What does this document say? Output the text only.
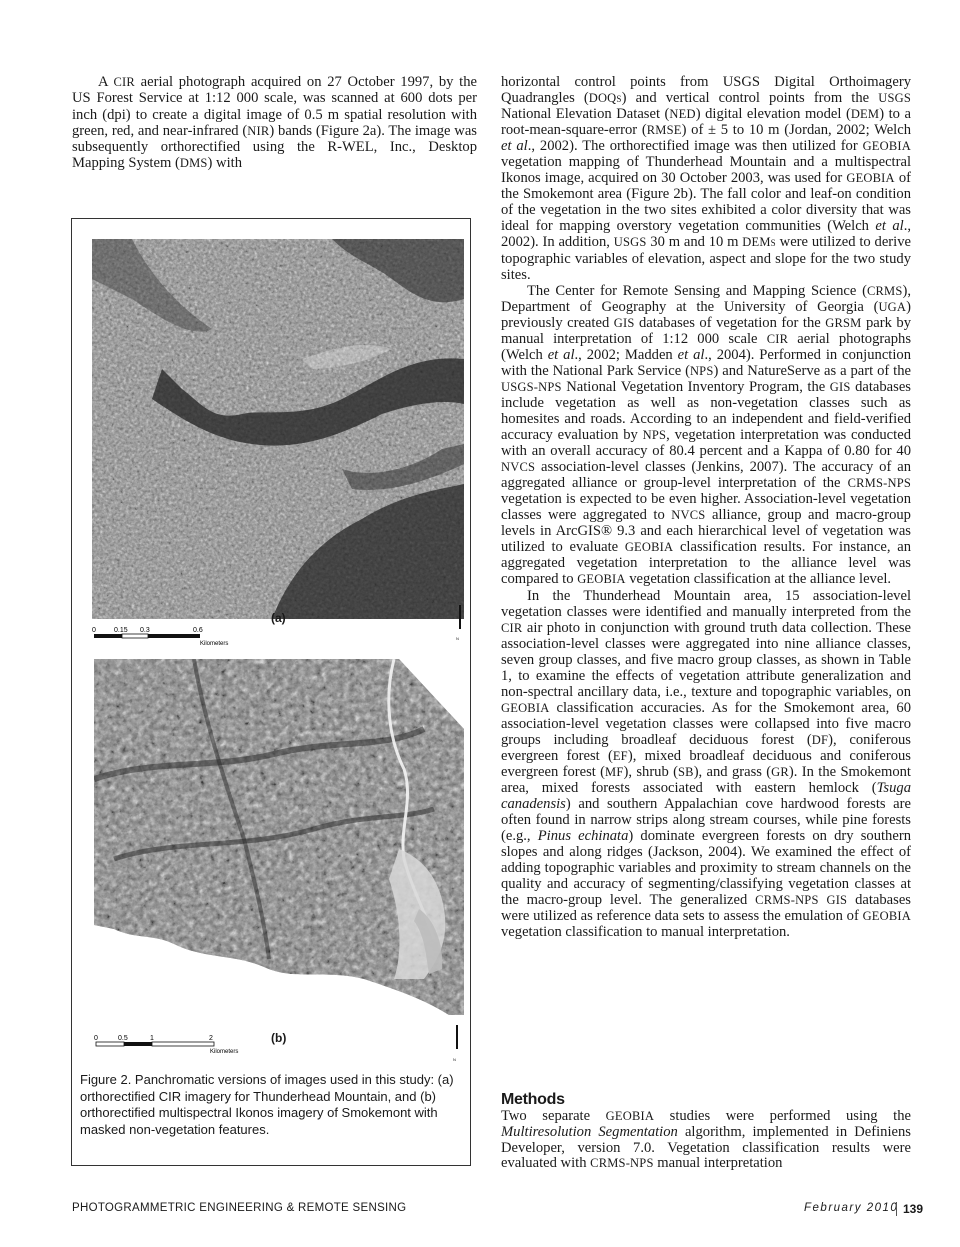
A CIR aerial photograph acquired on 27 October 1997, by the US Forest Service at 1:12 000 scale, was scanned at 600 dots per inch (dpi) to create a digital image of 0.5 m spatial resolution with green, red, and near-infrared (NIR) bands (Figure 2a). The image was subsequently orthorectified using the R-WEL, Inc., Desktop Mapping System (DMS) with

0	0.15 0.3	0.6
Kilometers
(a)
N
0	0.5	1	2
Kilometers
(b)
N
Figure 2. Panchromatic versions of images used in this study: (a) orthorectified CIR imagery for Thunderhead Mountain, and (b) orthorectified multispectral Ikonos imagery of Smokemont with masked non-vegetation features.

horizontal control points from USGS Digital Orthoimagery Quadrangles (DOQs) and vertical control points from the USGS National Elevation Dataset (NED) digital elevation model (DEM) to a root-mean-square-error (RMSE) of ± 5 to 10 m (Jordan, 2002; Welch et al., 2002). The orthorectified image was then utilized for GEOBIA vegetation mapping of Thunderhead Mountain and a multispectral Ikonos image, acquired on 30 October 2003, was used for GEOBIA of the Smokemont area (Figure 2b). The fall color and leaf-on condition of the vegetation in the two sites exhibited a color diversity that was ideal for mapping overstory vegetation communities (Welch et al., 2002). In addition, USGS 30 m and 10 m DEMs were utilized to derive topographic variables of elevation, aspect and slope for the two study sites.

The Center for Remote Sensing and Mapping Science (CRMS), Department of Geography at the University of Georgia (UGA) previously created GIS databases of vegetation for the GRSM park by manual interpretation of 1:12 000 scale CIR aerial photographs (Welch et al., 2002; Madden et al., 2004). Performed in conjunction with the National Park Service (NPS) and NatureServe as a part of the USGS-NPS National Vegetation Inventory Program, the GIS databases include vegetation as well as non-vegetation classes such as homesites and roads. According to an independent and field-verified accuracy evaluation by NPS, vegetation interpretation was conducted with an overall accuracy of 80.4 percent and a Kappa of 0.80 for 40 NVCS association-level classes (Jenkins, 2007). The accuracy of an aggregated alliance or group-level interpretation of the CRMS-NPS vegetation is expected to be even higher. Association-level vegetation classes were aggregated to NVCS alliance, group and macro-group levels in ArcGIS® 9.3 and each hierarchical level of vegetation was utilized to evaluate GEOBIA classification results. For instance, an aggregated vegetation interpretation to the alliance level was compared to GEOBIA vegetation classification at the alliance level.

In the Thunderhead Mountain area, 15 association-level vegetation classes were identified and manually interpreted from the CIR air photo in conjunction with ground truth data collection. These association-level classes were aggregated into nine alliance classes, seven group classes, and five macro group classes, as shown in Table 1, to examine the effects of vegetation attribute generalization and non-spectral ancillary data, i.e., texture and topographic variables, on GEOBIA classification accuracies. As for the Smokemont area, 60 association-level vegetation classes were collapsed into five macro groups including broadleaf deciduous forest (DF), coniferous evergreen forest (EF), mixed broadleaf deciduous and coniferous evergreen forest (MF), shrub (SB), and grass (GR). In the Smokemont area, mixed forests associated with eastern hemlock (Tsuga canadensis) and southern Appalachian cove hardwood forests are often found in narrow strips along stream courses, while pine forests (e.g., Pinus echinata) dominate evergreen forests on dry southern slopes and along ridges (Jackson, 2004). We examined the effect of adding topographic variables and proximity to stream channels on the quality and accuracy of segmenting/classifying vegetation classes at the macro-group level. The generalized CRMS-NPS GIS databases were utilized as reference data sets to assess the emulation of GEOBIA vegetation classification to manual interpretation.

Methods

Two separate GEOBIA studies were performed using the Multiresolution Segmentation algorithm, implemented in Definiens Developer, version 7.0. Vegetation classification results were evaluated with CRMS-NPS manual interpretation

PHOTOGRAMMETRIC ENGINEERING & REMOTE SENSING	February 2010 139
